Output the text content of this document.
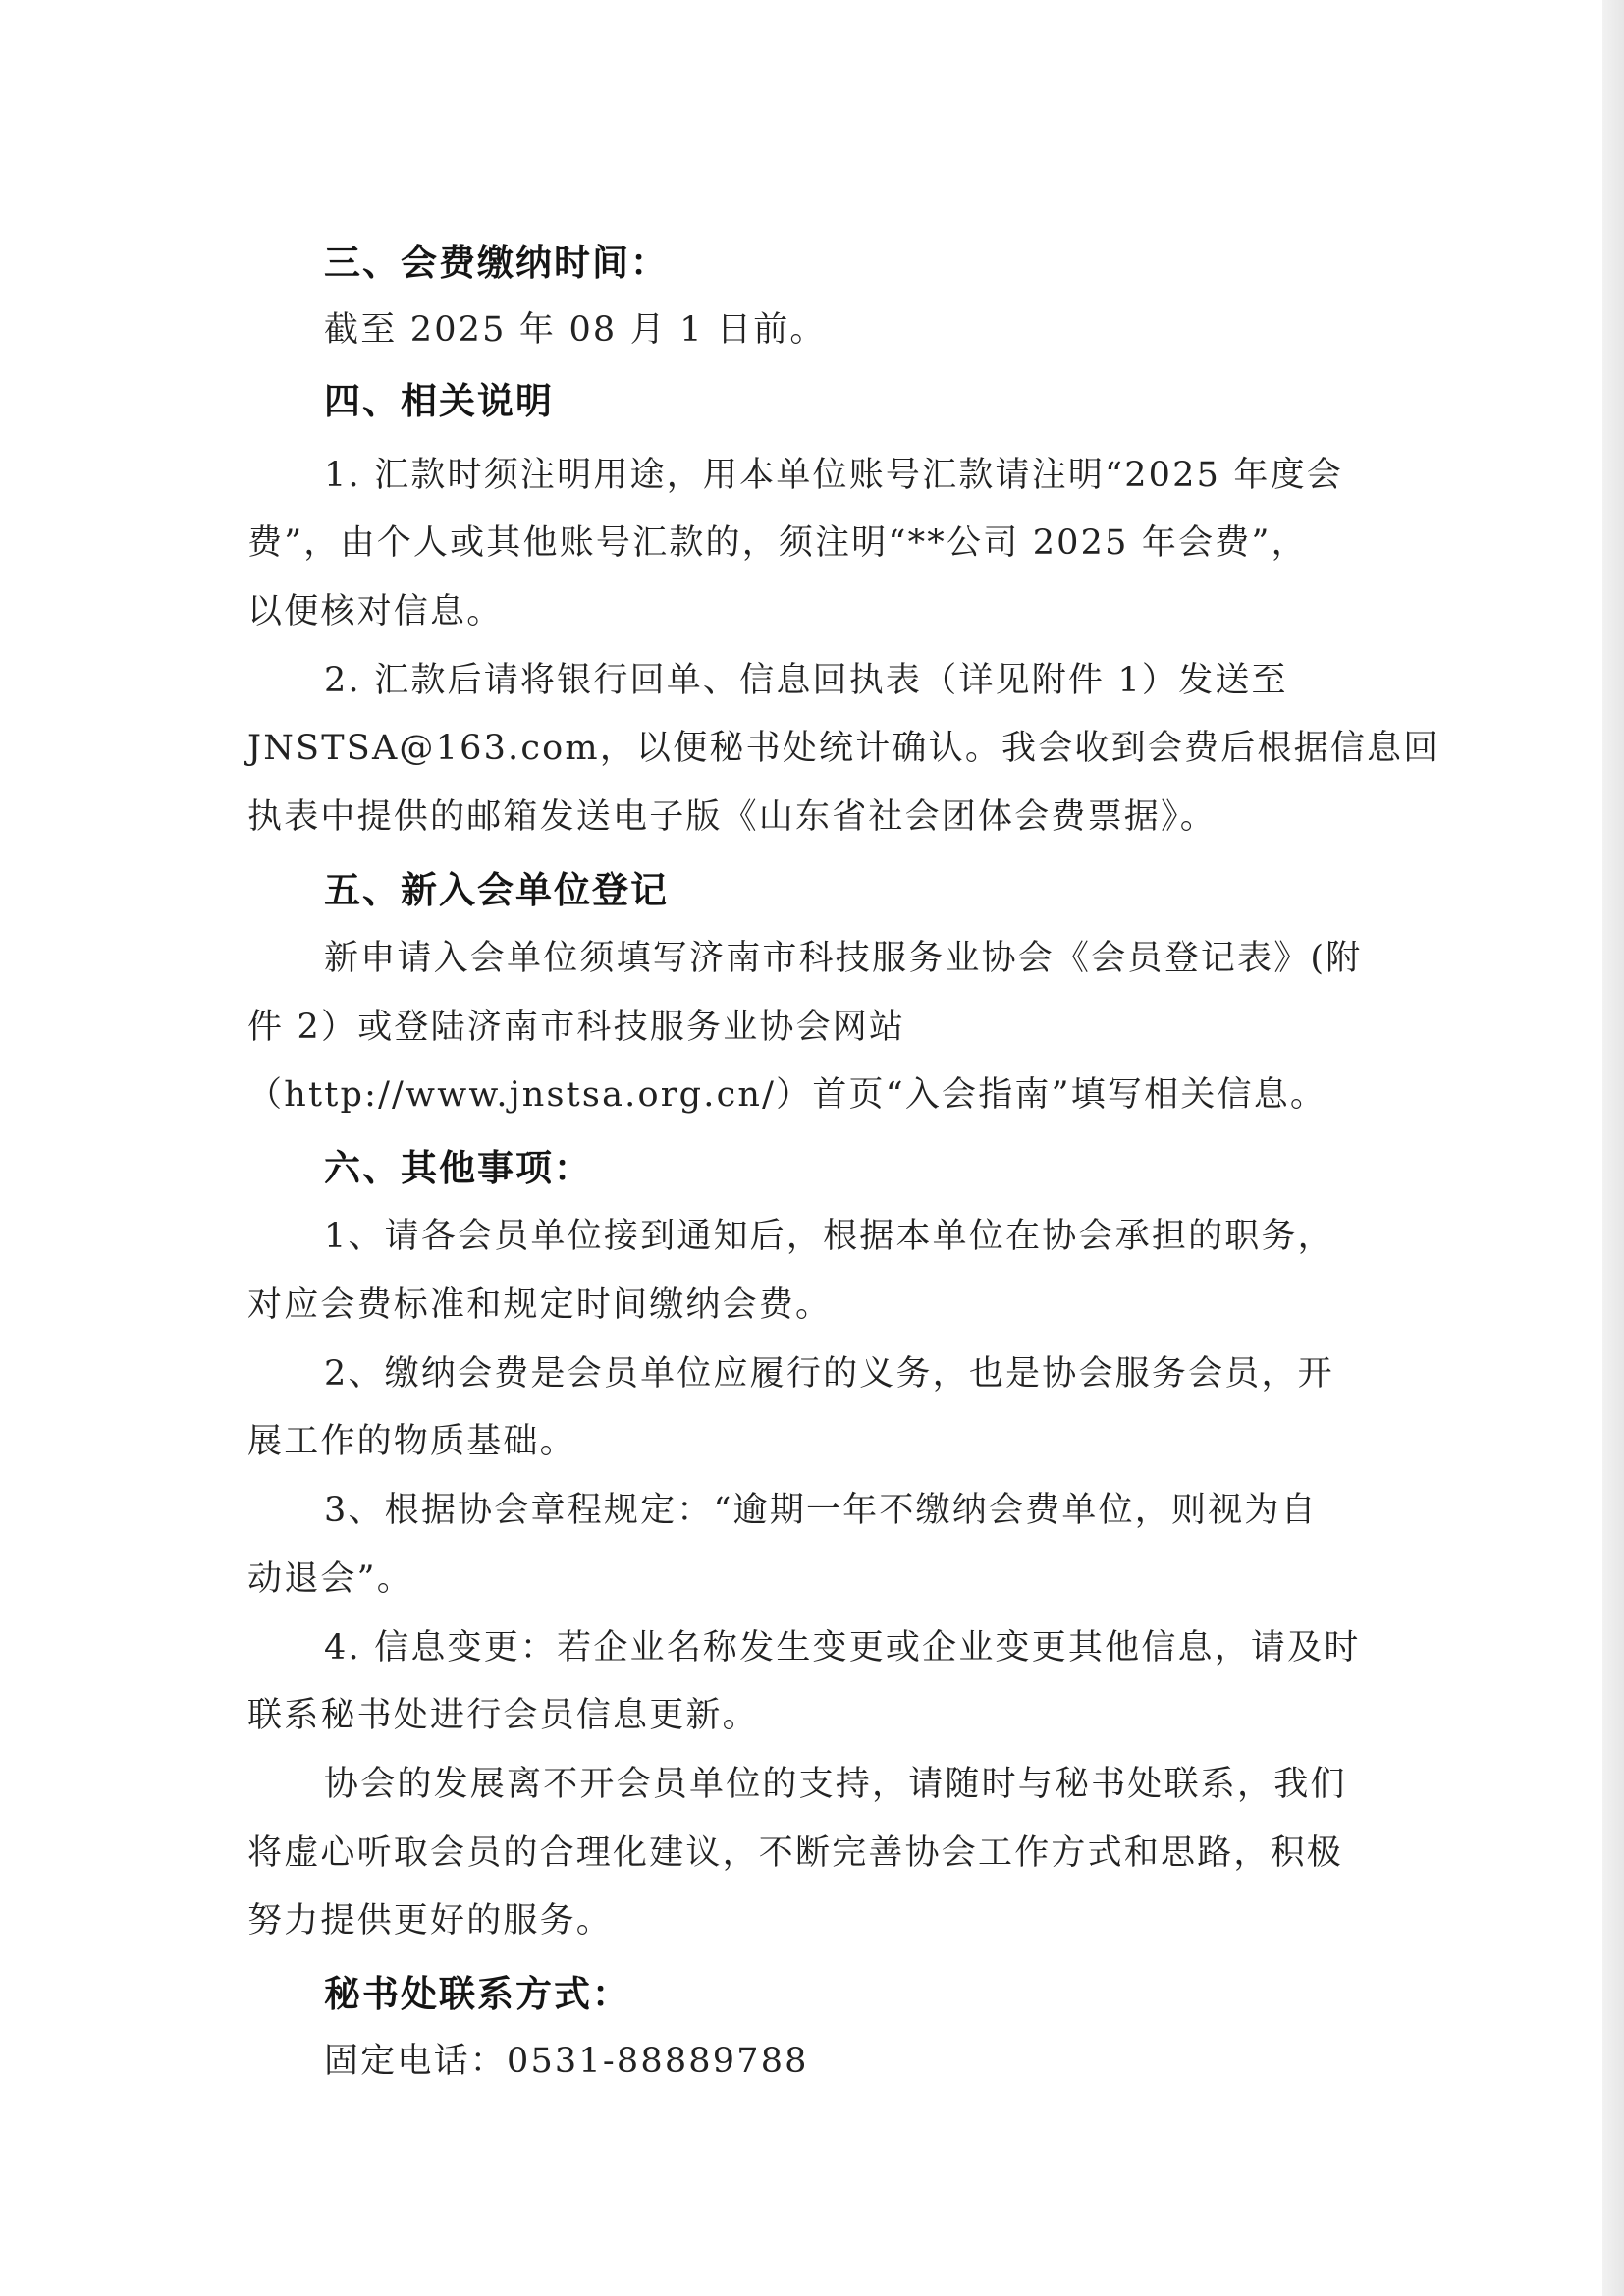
三、会费缴纳时间：
截至 2025 年 08 月 1 日前。
四、相关说明
1. 汇款时须注明用途，用本单位账号汇款请注明“2025 年度会
费”，由个人或其他账号汇款的，须注明“**公司 2025 年会费”，
以便核对信息。
2. 汇款后请将银行回单、信息回执表（详见附件 1）发送至
JNSTSA@163.com，以便秘书处统计确认。我会收到会费后根据信息回
执表中提供的邮箱发送电子版《山东省社会团体会费票据》。
五、新入会单位登记
新申请入会单位须填写济南市科技服务业协会《会员登记表》(附
件 2）或登陆济南市科技服务业协会网站
（http://www.jnstsa.org.cn/）首页“入会指南”填写相关信息。
六、其他事项：
1、请各会员单位接到通知后，根据本单位在协会承担的职务，
对应会费标准和规定时间缴纳会费。
2、缴纳会费是会员单位应履行的义务，也是协会服务会员，开
展工作的物质基础。
3、根据协会章程规定：“逾期一年不缴纳会费单位，则视为自
动退会”。
4. 信息变更：若企业名称发生变更或企业变更其他信息，请及时
联系秘书处进行会员信息更新。
协会的发展离不开会员单位的支持，请随时与秘书处联系，我们
将虚心听取会员的合理化建议，不断完善协会工作方式和思路，积极
努力提供更好的服务。
秘书处联系方式：
固定电话：0531-88889788
